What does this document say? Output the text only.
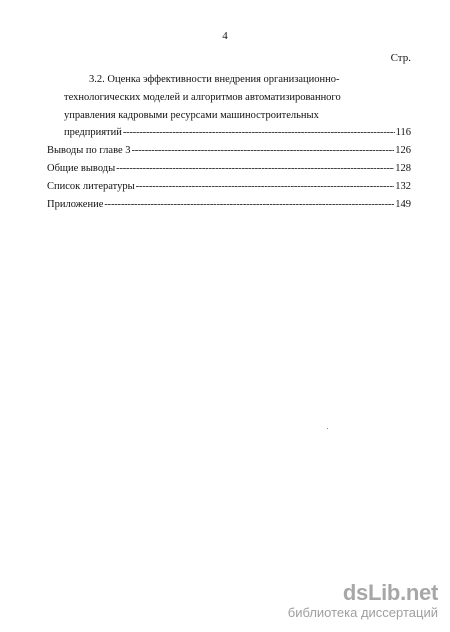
4
Стр.
3.2. Оценка эффективности внедрения организационно-
технологических моделей и алгоритмов автоматизированного
управления кадровыми ресурсами машиностроительных
предприятий -----	116
Выводы по главе 3 -----	126
Общие выводы -----	128
Список литературы -----	132
Приложение -----	149
dsLib.net
библиотека диссертаций
